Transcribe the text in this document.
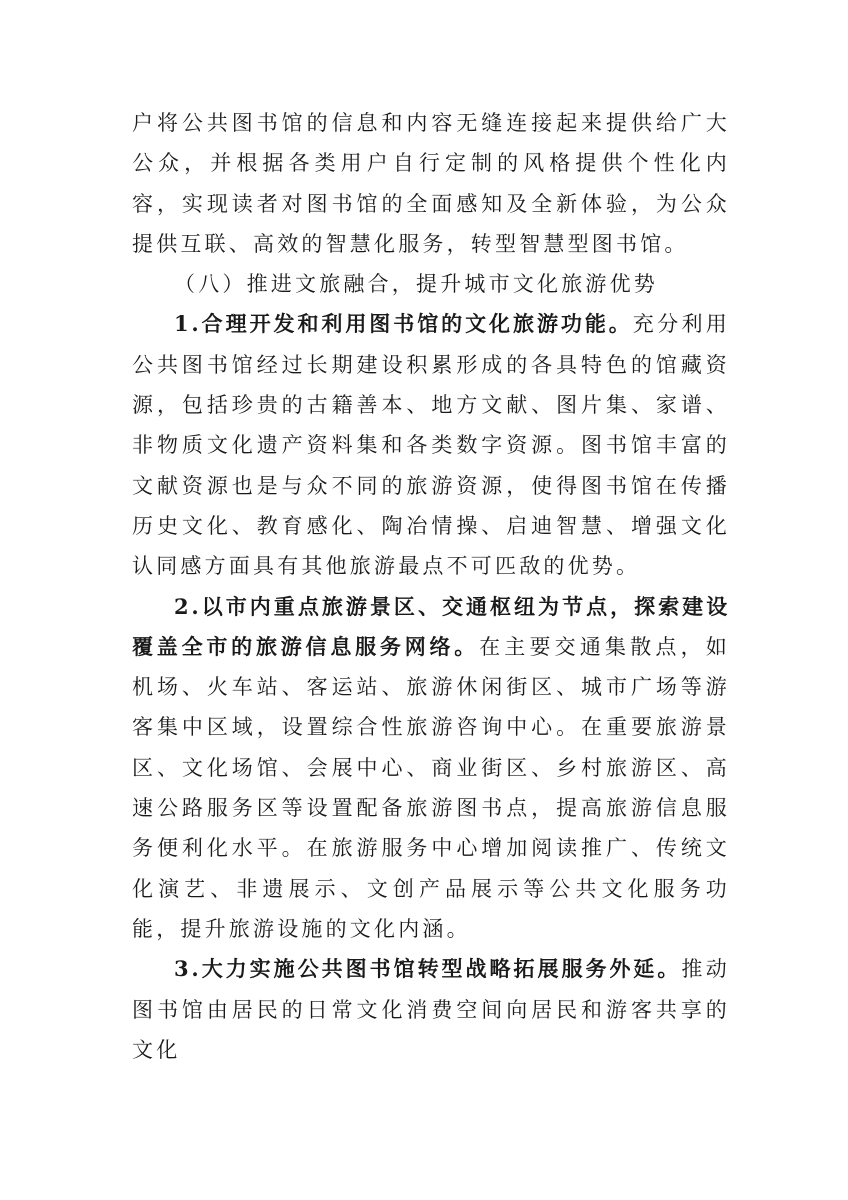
户将公共图书馆的信息和内容无缝连接起来提供给广大公众，并根据各类用户自行定制的风格提供个性化内容，实现读者对图书馆的全面感知及全新体验，为公众提供互联、高效的智慧化服务，转型智慧型图书馆。

（八）推进文旅融合，提升城市文化旅游优势

1.合理开发和利用图书馆的文化旅游功能。充分利用公共图书馆经过长期建设积累形成的各具特色的馆藏资源，包括珍贵的古籍善本、地方文献、图片集、家谱、非物质文化遗产资料集和各类数字资源。图书馆丰富的文献资源也是与众不同的旅游资源，使得图书馆在传播历史文化、教育感化、陶冶情操、启迪智慧、增强文化认同感方面具有其他旅游最点不可匹敌的优势。

2.以市内重点旅游景区、交通枢纽为节点，探索建设覆盖全市的旅游信息服务网络。在主要交通集散点，如机场、火车站、客运站、旅游休闲街区、城市广场等游客集中区域，设置综合性旅游咨询中心。在重要旅游景区、文化场馆、会展中心、商业街区、乡村旅游区、高速公路服务区等设置配备旅游图书点，提高旅游信息服务便利化水平。在旅游服务中心增加阅读推广、传统文化演艺、非遗展示、文创产品展示等公共文化服务功能，提升旅游设施的文化内涵。

3.大力实施公共图书馆转型战略拓展服务外延。推动图书馆由居民的日常文化消费空间向居民和游客共享的文化
